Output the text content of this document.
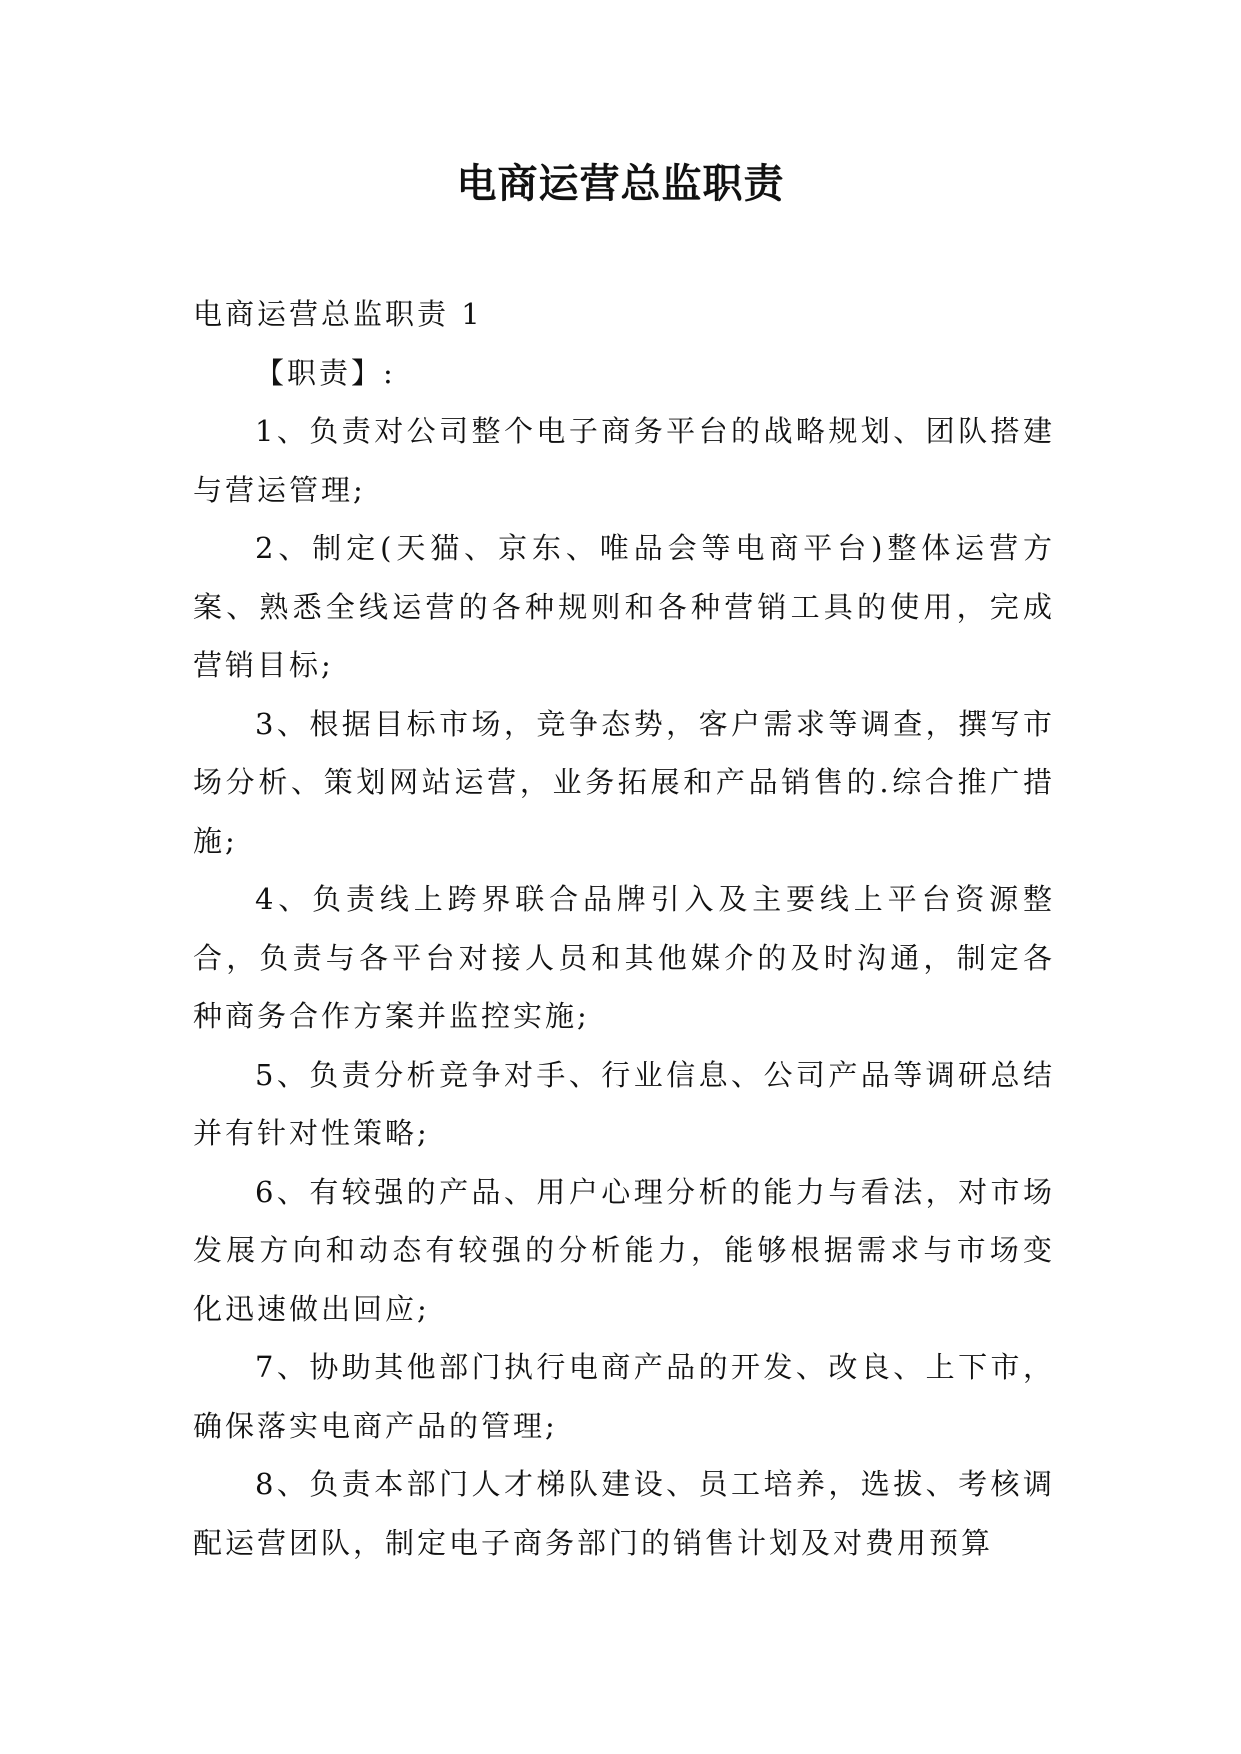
电商运营总监职责

电商运营总监职责 1

【职责】:

1、负责对公司整个电子商务平台的战略规划、团队搭建与营运管理;

2、制定(天猫、京东、唯品会等电商平台)整体运营方案、熟悉全线运营的各种规则和各种营销工具的使用，完成营销目标;

3、根据目标市场，竞争态势，客户需求等调查，撰写市场分析、策划网站运营，业务拓展和产品销售的.综合推广措施;

4、负责线上跨界联合品牌引入及主要线上平台资源整合，负责与各平台对接人员和其他媒介的及时沟通，制定各种商务合作方案并监控实施;

5、负责分析竞争对手、行业信息、公司产品等调研总结并有针对性策略;

6、有较强的产品、用户心理分析的能力与看法，对市场发展方向和动态有较强的分析能力，能够根据需求与市场变化迅速做出回应;

7、协助其他部门执行电商产品的开发、改良、上下市，确保落实电商产品的管理;

8、负责本部门人才梯队建设、员工培养，选拔、考核调配运营团队，制定电子商务部门的销售计划及对费用预算
